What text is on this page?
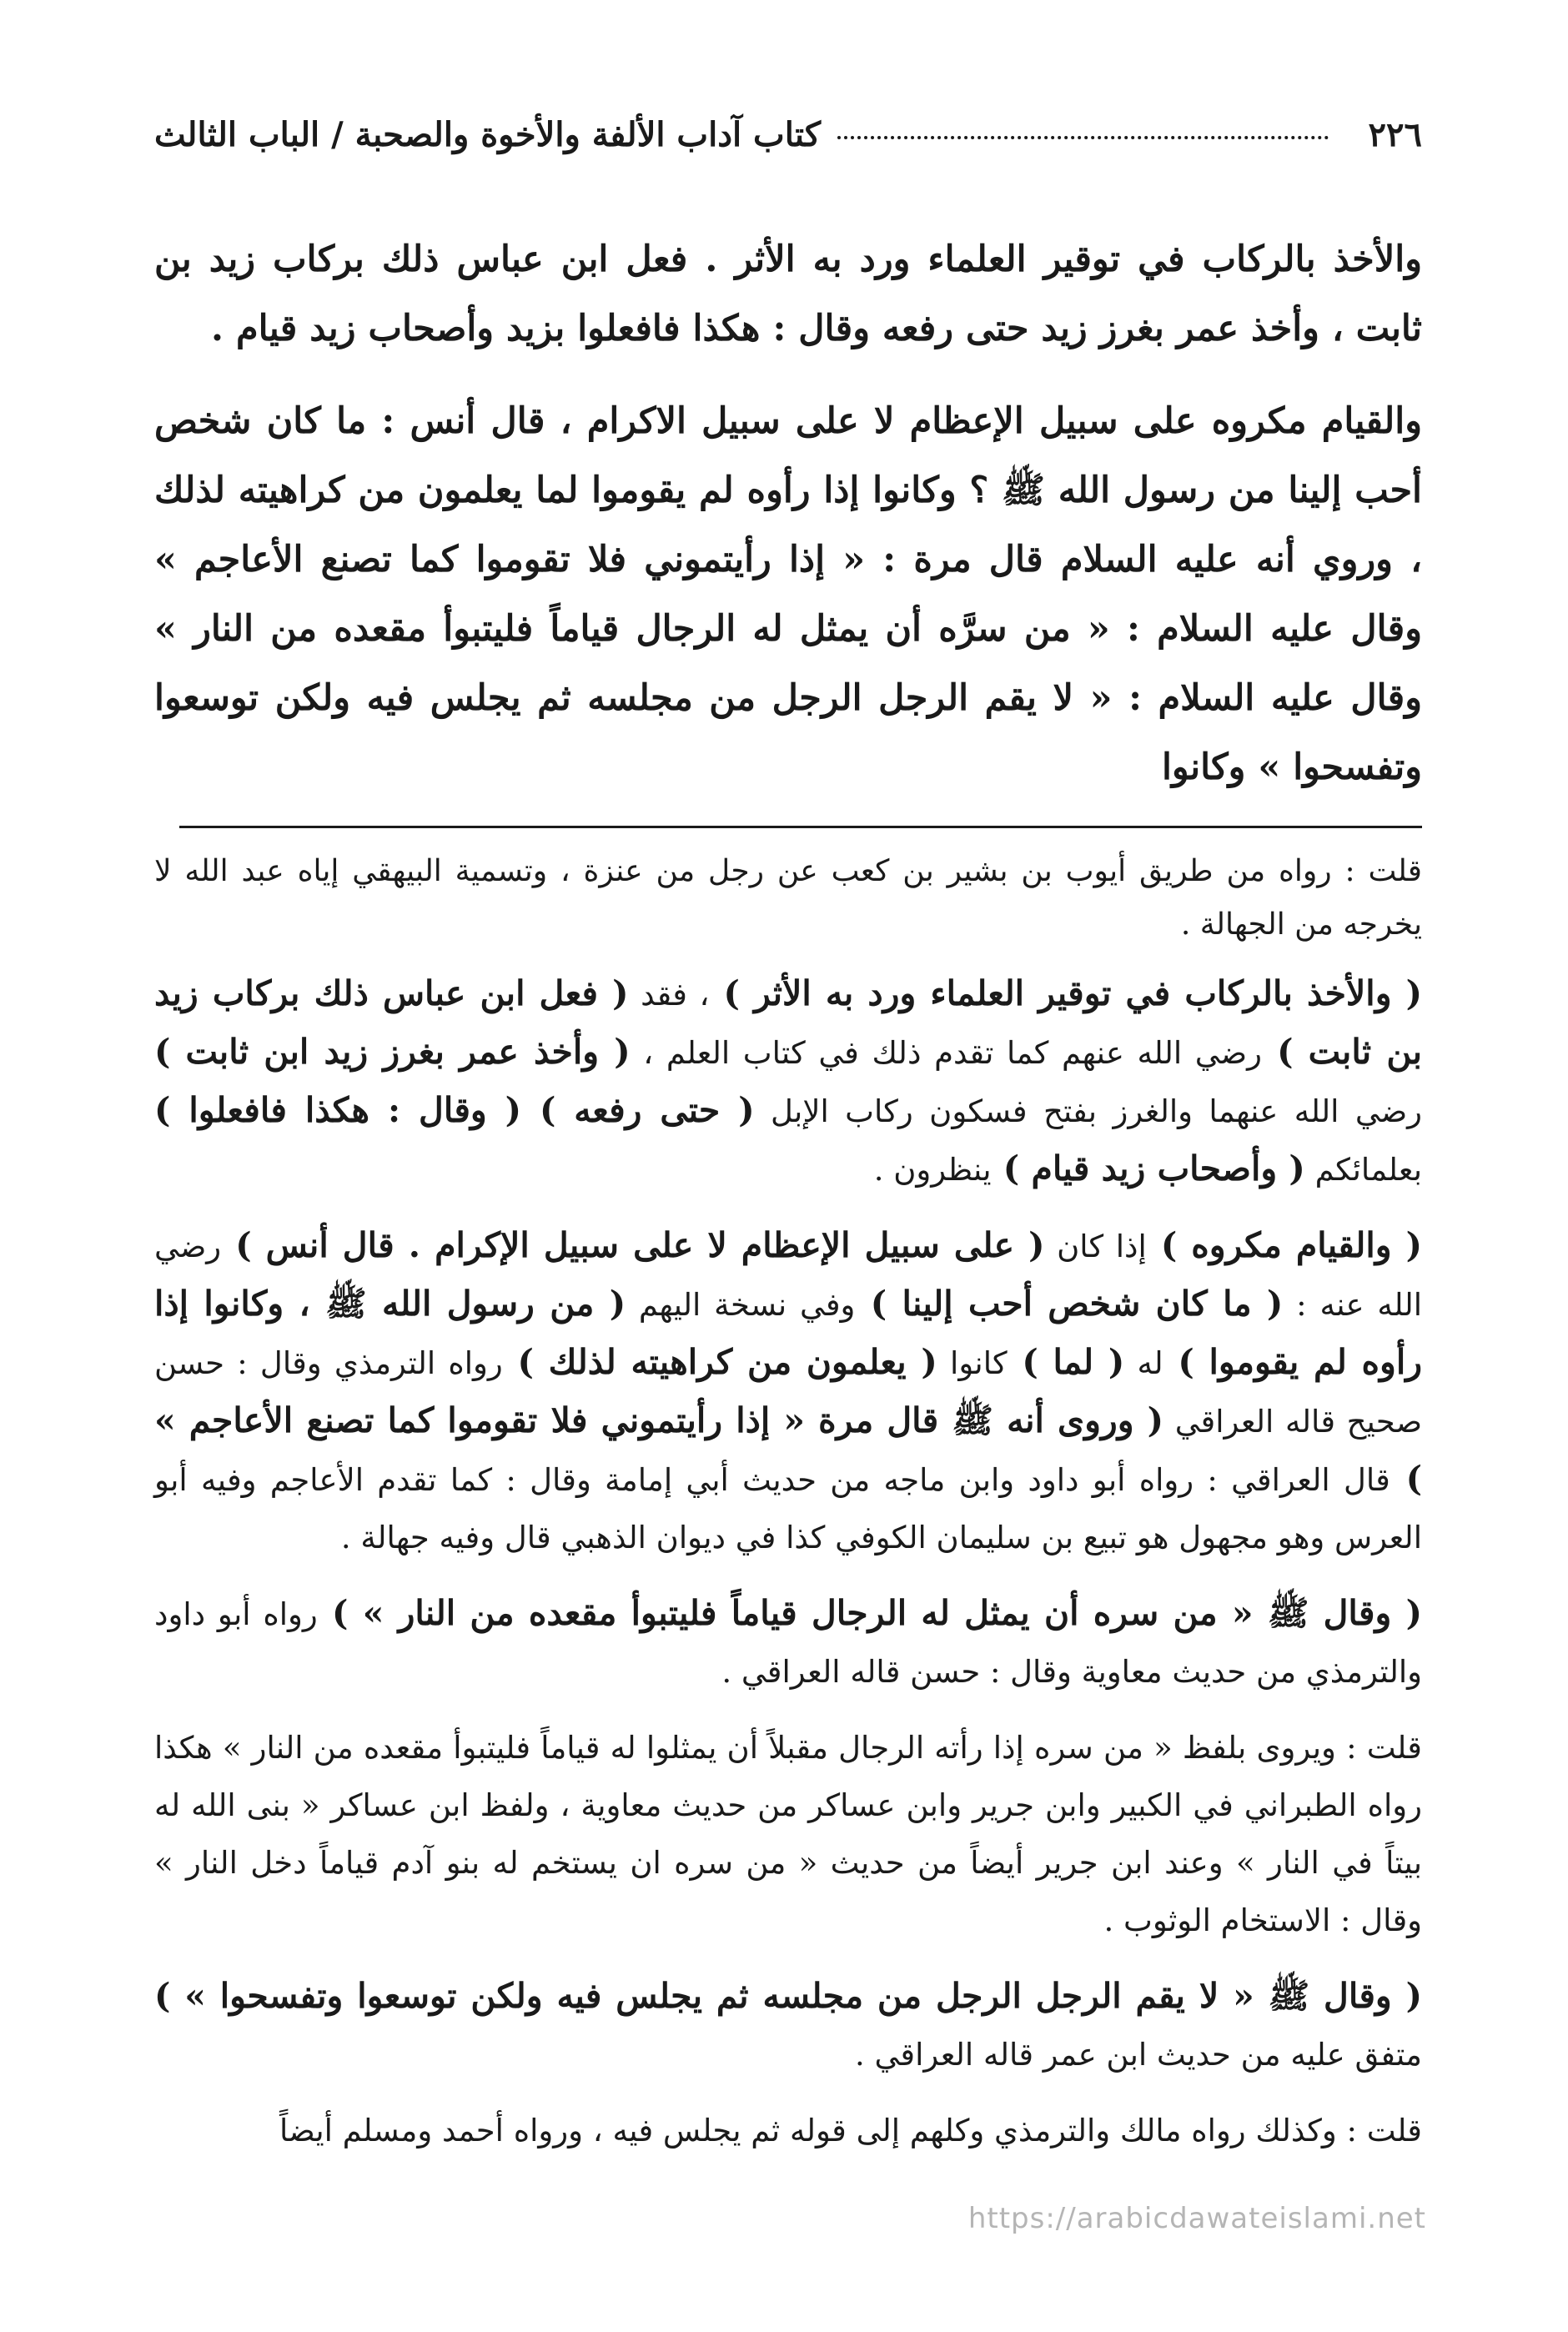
٢٢٦
كتاب آداب الألفة والأخوة والصحبة / الباب الثالث

والأخذ بالركاب في توقير العلماء ورد به الأثر . فعل ابن عباس ذلك بركاب زيد بن ثابت ، وأخذ عمر بغرز زيد حتى رفعه وقال : هكذا فافعلوا بزيد وأصحاب زيد قيام .

والقيام مكروه على سبيل الإعظام لا على سبيل الاكرام ، قال أنس : ما كان شخص أحب إلينا من رسول الله ﷺ ؟ وكانوا إذا رأوه لم يقوموا لما يعلمون من كراهيته لذلك ، وروي أنه عليه السلام قال مرة : « إذا رأيتموني فلا تقوموا كما تصنع الأعاجم » وقال عليه السلام : « من سرَّه أن يمثل له الرجال قياماً فليتبوأ مقعده من النار » وقال عليه السلام : « لا يقم الرجل الرجل من مجلسه ثم يجلس فيه ولكن توسعوا وتفسحوا » وكانوا

قلت : رواه من طريق أيوب بن بشير بن كعب عن رجل من عنزة ، وتسمية البيهقي إياه عبد الله لا يخرجه من الجهالة .

( والأخذ بالركاب في توقير العلماء ورد به الأثر ) ، فقد ( فعل ابن عباس ذلك بركاب زيد بن ثابت ) رضي الله عنهم كما تقدم ذلك في كتاب العلم ، ( وأخذ عمر بغرز زيد ابن ثابت ) رضي الله عنهما والغرز بفتح فسكون ركاب الإبل ( حتى رفعه ) ( وقال : هكذا فافعلوا ) بعلمائكم ( وأصحاب زيد قيام ) ينظرون .

( والقيام مكروه ) إذا كان ( على سبيل الإعظام لا على سبيل الإكرام . قال أنس ) رضي الله عنه : ( ما كان شخص أحب إلينا ) وفي نسخة اليهم ( من رسول الله ﷺ ، وكانوا إذا رأوه لم يقوموا ) له ( لما ) كانوا ( يعلمون من كراهيته لذلك ) رواه الترمذي وقال : حسن صحيح قاله العراقي ( وروى أنه ﷺ قال مرة « إذا رأيتموني فلا تقوموا كما تصنع الأعاجم » ) قال العراقي : رواه أبو داود وابن ماجه من حديث أبي إمامة وقال : كما تقدم الأعاجم وفيه أبو العرس وهو مجهول هو تبيع بن سليمان الكوفي كذا في ديوان الذهبي قال وفيه جهالة .

( وقال ﷺ « من سره أن يمثل له الرجال قياماً فليتبوأ مقعده من النار » ) رواه أبو داود والترمذي من حديث معاوية وقال : حسن قاله العراقي .

قلت : ويروى بلفظ « من سره إذا رأته الرجال مقبلاً أن يمثلوا له قياماً فليتبوأ مقعده من النار » هكذا رواه الطبراني في الكبير وابن جرير وابن عساكر من حديث معاوية ، ولفظ ابن عساكر « بنى الله له بيتاً في النار » وعند ابن جرير أيضاً من حديث « من سره ان يستخم له بنو آدم قياماً دخل النار » وقال : الاستخام الوثوب .

( وقال ﷺ « لا يقم الرجل الرجل من مجلسه ثم يجلس فيه ولكن توسعوا وتفسحوا » ) متفق عليه من حديث ابن عمر قاله العراقي .

قلت : وكذلك رواه مالك والترمذي وكلهم إلى قوله ثم يجلس فيه ، ورواه أحمد ومسلم أيضاً

https://arabicdawateislami.net
